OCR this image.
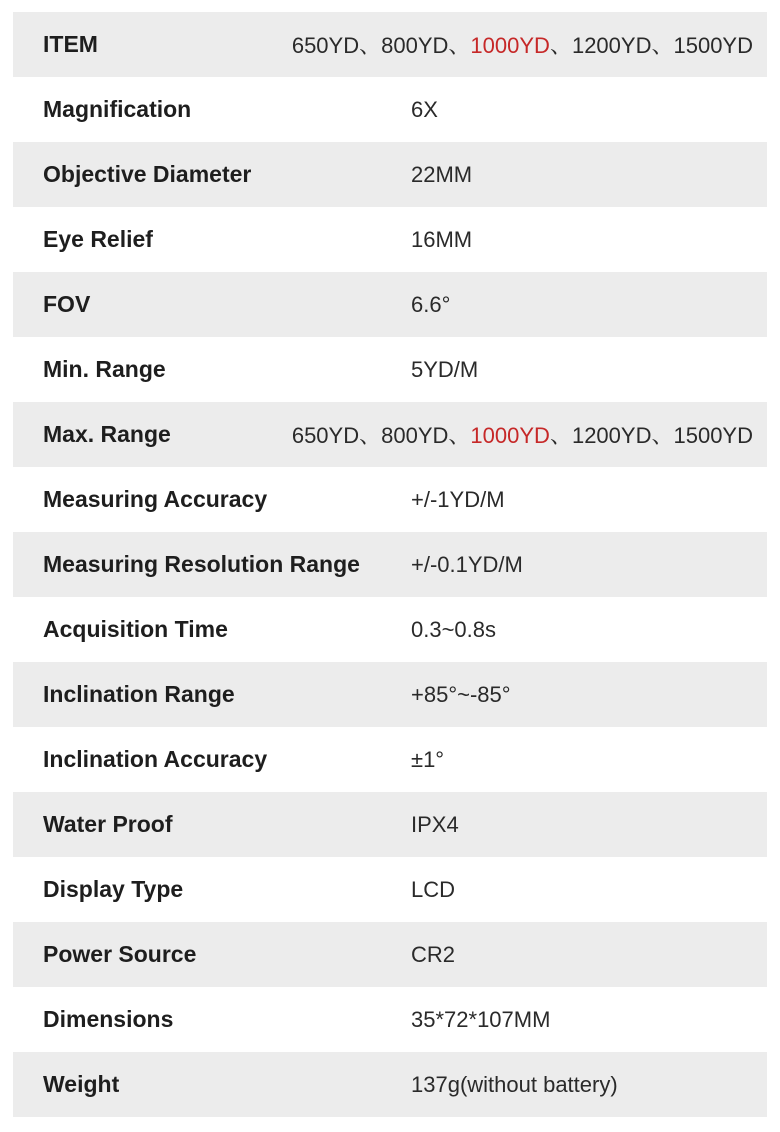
ITEM	650YD、800YD、1000YD、1200YD、1500YD
Magnification	6X
Objective Diameter	22MM
Eye Relief	16MM
FOV	6.6°
Min. Range	5YD/M
Max. Range	650YD、800YD、1000YD、1200YD、1500YD
Measuring Accuracy	+/-1YD/M
Measuring Resolution Range +/-0.1YD/M
Acquisition Time	0.3~0.8s
Inclination Range	+85°~-85°
Inclination Accuracy	±1°
Water Proof	IPX4
Display Type	LCD
Power Source	CR2
Dimensions	35*72*107MM
Weight	137g(without battery)
